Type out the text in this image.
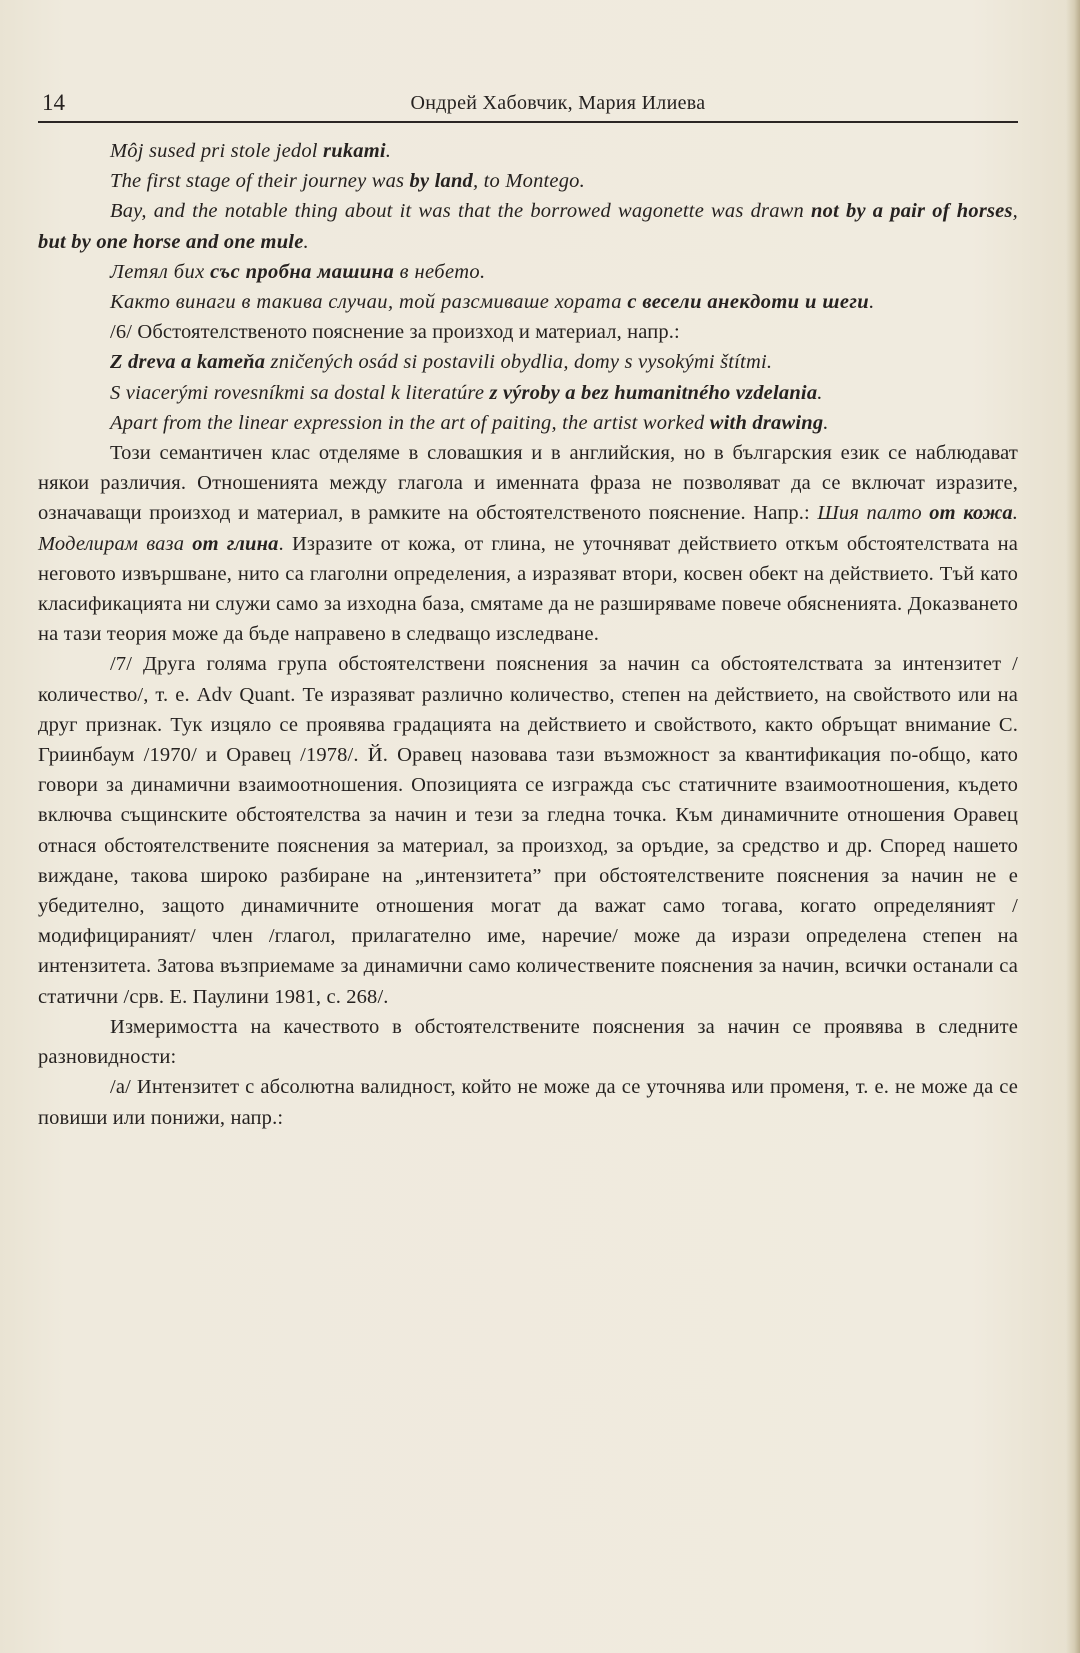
14	Ондрей Хабовчик, Мария Илиева

Môj sused pri stole jedol rukami.

The first stage of their journey was by land, to Montego.

Bay, and the notable thing about it was that the borrowed wagonette was drawn not by a pair of horses, but by one horse and one mule.

Летял бих със пробна машина в небето.

Както винаги в такива случаи, той разсмиваше хората с весели анекдоти и шеги.

/6/ Обстоятелственото пояснение за произход и материал, напр.:

Z dreva a kameňa zničených osád si postavili obydlia, domy s vysokými štítmi.

S viacerými rovesníkmi sa dostal k literatúre z výroby a bez humanitného vzdelania.

Apart from the linear expression in the art of paiting, the artist worked with drawing.

Този семантичен клас отделяме в словашкия и в английския, но в българския език се наблюдават някои различия. Отношенията между глагола и именната фраза не позволяват да се включат изразите, означаващи произход и материал, в рамките на обстоятелственото пояснение. Напр.: Шия палто от кожа. Моделирам ваза от глина. Изразите от кожа, от глина, не уточняват действието откъм обстоятелствата на неговото извършване, нито са глаголни определения, а изразяват втори, косвен обект на действието. Тъй като класификацията ни служи само за изходна база, смятаме да не разширяваме повече обясненията. Доказването на тази теория може да бъде направено в следващо изследване.

/7/ Друга голяма група обстоятелствени пояснения за начин са обстоятелствата за интензитет /количество/, т. е. Adv Quant. Те изразяват различно количество, степен на действието, на свойството или на друг признак. Тук изцяло се проявява градацията на действието и свойството, както обръщат внимание С. Гриинбаум /1970/ и Оравец /1978/. Й. Оравец назовава тази възможност за квантификация по-общо, като говори за динамични взаимоотношения. Опозицията се изгражда със статичните взаимоотношения, където включва същинските обстоятелства за начин и тези за гледна точка. Към динамичните отношения Оравец отнася обстоятелствените пояснения за материал, за произход, за оръдие, за средство и др. Според нашето виждане, такова широко разбиране на „интензитета” при обстоятелствените пояснения за начин не е убедително, защото динамичните отношения могат да важат само тогава, когато определяният /модифицираният/ член /глагол, прилагателно име, наречие/ може да изрази определена степен на интензитета. Затова възприемаме за динамични само количествените пояснения за начин, всички останали са статични /срв. Е. Паулини 1981, с. 268/.

Измеримостта на качеството в обстоятелствените пояснения за начин се проявява в следните разновидности:

/а/ Интензитет с абсолютна валидност, който не може да се уточнява или променя, т. е. не може да се повиши или понижи, напр.:
